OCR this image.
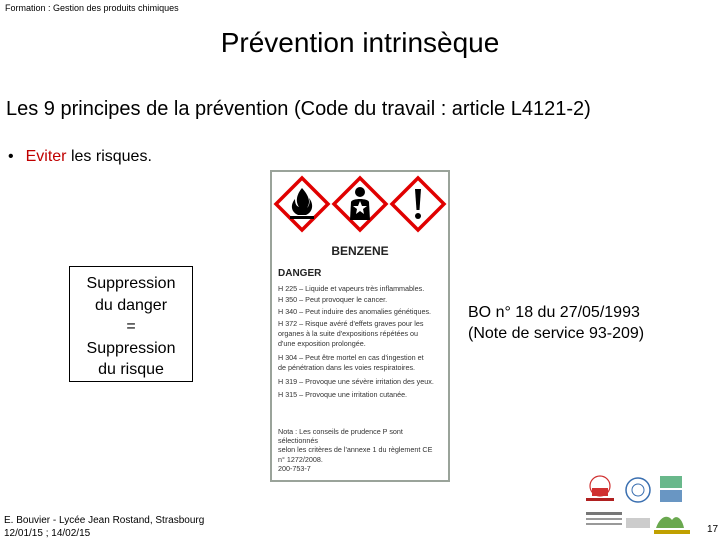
Formation : Gestion des produits chimiques
Prévention intrinsèque
Les 9 principes de la prévention (Code du travail : article L4121-2)
• Eviter les risques.
Suppression
du danger
=
Suppression
du risque
BO n° 18 du 27/05/1993
(Note de service 93-209)
BENZENE
DANGER
H 225 – Liquide et vapeurs très inflammables.
H 350 – Peut provoquer le cancer.
H 340 – Peut induire des anomalies génétiques.
H 372 – Risque avéré d'effets graves pour les
organes à la suite d'expositions répétées ou
d'une exposition prolongée.
H 304 – Peut être mortel en cas d'ingestion et
de pénétration dans les voies respiratoires.
H 319 – Provoque une sévère irritation des yeux.
H 315 – Provoque une irritation cutanée.
Nota : Les conseils de prudence P sont sélectionnés
selon les critères de l'annexe 1 du règlement CE
n° 1272/2008.
200-753-7
E. Bouvier - Lycée Jean Rostand, Strasbourg
12/01/15 ; 14/02/15	17
